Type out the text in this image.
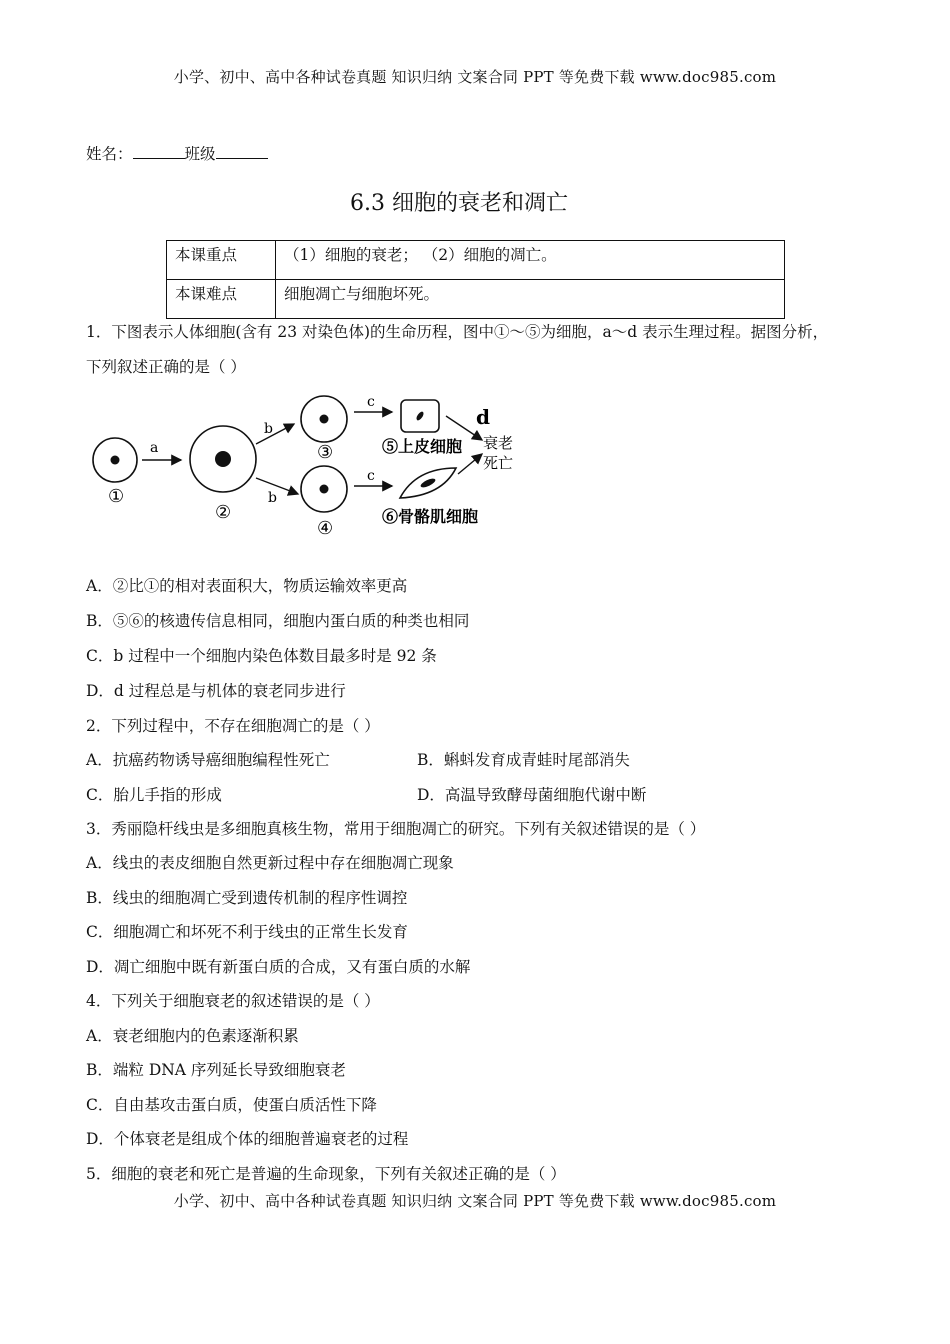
小学、初中、高中各种试卷真题 知识归纳 文案合同 PPT 等免费下载 www.doc985.com
姓名：	班级
6.3 细胞的衰老和凋亡
本课重点	（1）细胞的衰老； （2）细胞的凋亡。
本课难点	细胞凋亡与细胞坏死。
1．下图表示人体细胞(含有 23 对染色体)的生命历程，图中①～⑤为细胞，a～d 表示生理过程。据图分析，
下列叙述正确的是（ ）
①
a
②
b
b
③
④
c
c
⑤上皮细胞
⑥骨骼肌细胞
d
衰老
死亡
A．②比①的相对表面积大，物质运输效率更高
B．⑤⑥的核遗传信息相同，细胞内蛋白质的种类也相同
C．b 过程中一个细胞内染色体数目最多时是 92 条
D．d 过程总是与机体的衰老同步进行
2．下列过程中，不存在细胞凋亡的是（ ）
A．抗癌药物诱导癌细胞编程性死亡	B．蝌蚪发育成青蛙时尾部消失
C．胎儿手指的形成	D．高温导致酵母菌细胞代谢中断
3．秀丽隐杆线虫是多细胞真核生物，常用于细胞凋亡的研究。下列有关叙述错误的是（ ）
A．线虫的表皮细胞自然更新过程中存在细胞凋亡现象
B．线虫的细胞凋亡受到遗传机制的程序性调控
C．细胞凋亡和坏死不利于线虫的正常生长发育
D．凋亡细胞中既有新蛋白质的合成，又有蛋白质的水解
4．下列关于细胞衰老的叙述错误的是（ ）
A．衰老细胞内的色素逐渐积累
B．端粒 DNA 序列延长导致细胞衰老
C．自由基攻击蛋白质，使蛋白质活性下降
D．个体衰老是组成个体的细胞普遍衰老的过程
5．细胞的衰老和死亡是普遍的生命现象，下列有关叙述正确的是（ ）
小学、初中、高中各种试卷真题 知识归纳 文案合同 PPT 等免费下载 www.doc985.com
